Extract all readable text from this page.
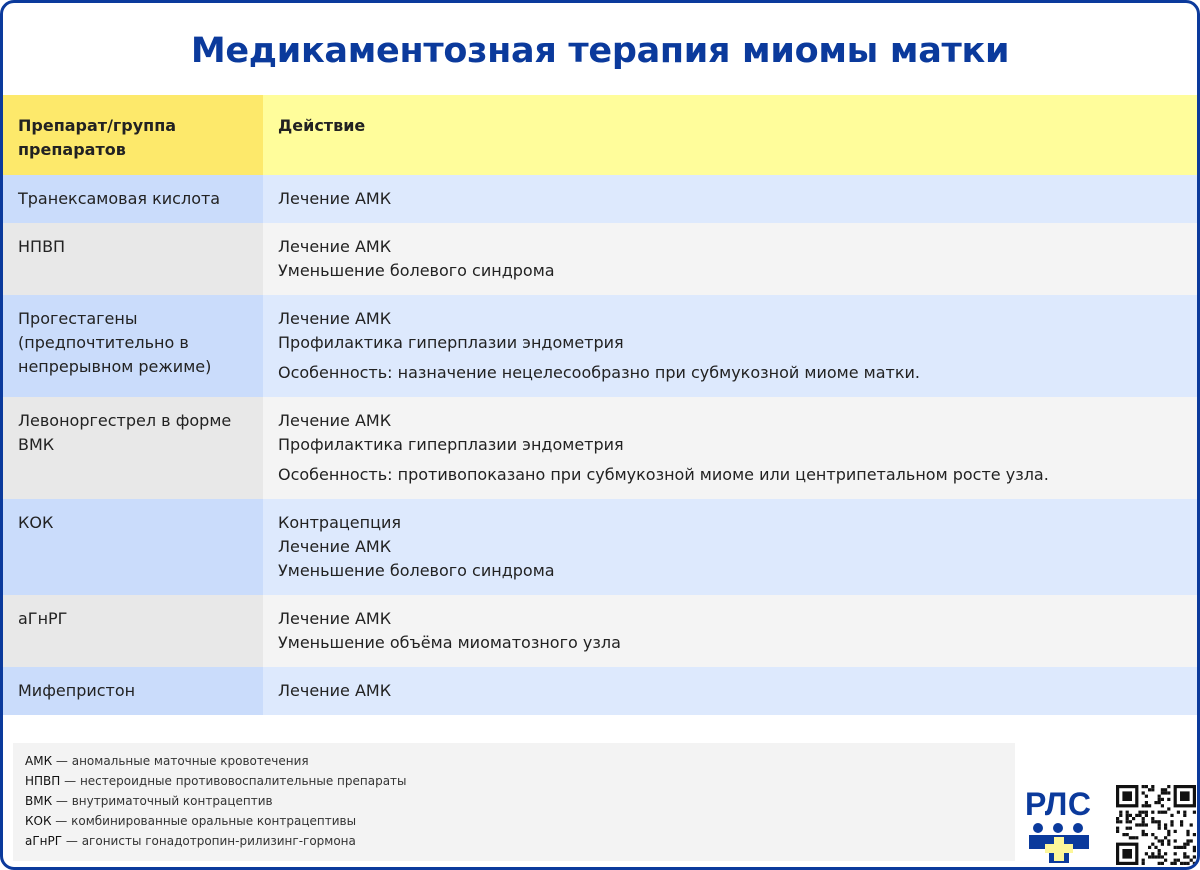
Медикаментозная терапия миомы матки
Препарат/группа препаратов	Действие
Транексамовая кислота	Лечение АМК

НПВП	Лечение АМК
Уменьшение болевого синдрома

Прогестагены (предпочтительно в непрерывном режиме)	Лечение АМК
Профилактика гиперплазии эндометрия
Особенность: назначение нецелесообразно при субмукозной миоме матки.

Левоноргестрел в форме ВМК	Лечение АМК
Профилактика гиперплазии эндометрия
Особенность: противопоказано при субмукозной миоме или центрипетальном росте узла.

КОК	Контрацепция
Лечение АМК
Уменьшение болевого синдрома

аГнРГ	Лечение АМК
Уменьшение объёма миоматозного узла

Мифепристон	Лечение АМК
АМК — аномальные маточные кровотечения
НПВП — нестероидные противовоспалительные препараты
ВМК — внутриматочный контрацептив
КОК — комбинированные оральные контрацептивы
аГнРГ — агонисты гонадотропин-рилизинг-гормона
РЛС
